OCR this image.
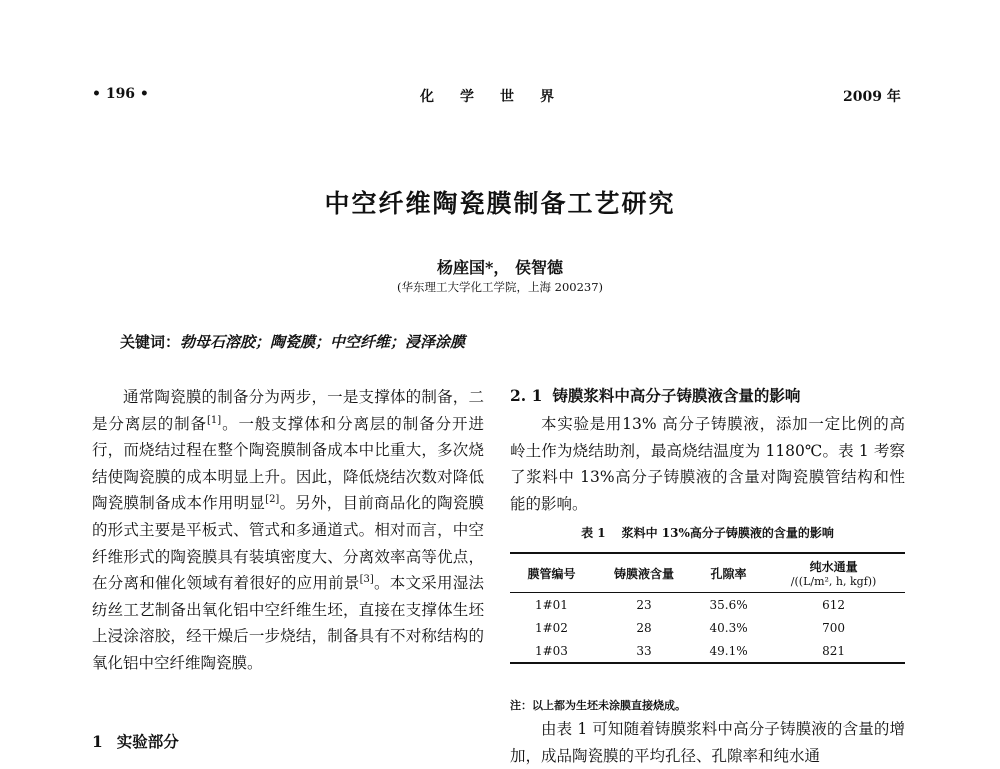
• 196 •	化学世界	2009 年
中空纤维陶瓷膜制备工艺研究
杨座国*， 侯智德
(华东理工大学化工学院，上海 200237)
关键词：勃母石溶胶；陶瓷膜；中空纤维；浸泽涂膜

通常陶瓷膜的制备分为两步，一是支撑体的制备，二是分离层的制备[1]。一般支撑体和分离层的制备分开进行，而烧结过程在整个陶瓷膜制备成本中比重大，多次烧结使陶瓷膜的成本明显上升。因此，降低烧结次数对降低陶瓷膜制备成本作用明显[2]。另外，目前商品化的陶瓷膜的形式主要是平板式、管式和多通道式。相对而言，中空纤维形式的陶瓷膜具有装填密度大、分离效率高等优点，在分离和催化领域有着很好的应用前景[3]。本文采用湿法纺丝工艺制备出氧化铝中空纤维生坯，直接在支撑体生坯上浸涂溶胶，经干燥后一步烧结，制备具有不对称结构的氧化铝中空纤维陶瓷膜。

1 实验部分
2. 1 铸膜浆料中高分子铸膜液含量的影响

本实验是用13% 高分子铸膜液，添加一定比例的高岭土作为烧结助剂，最高烧结温度为 1180℃。表 1 考察了浆料中 13%高分子铸膜液的含量对陶瓷膜管结构和性能的影响。

表 1 浆料中 13%高分子铸膜液的含量的影响
膜管编号	铸膜液含量	孔隙率	纯水通量
/((L/m², h, kgf))

1#01	23	35.6%	612
1#02	28	40.3%	700
1#03	33	49.1%	821
注：以上都为生坯未涂膜直接烧成。

由表 1 可知随着铸膜浆料中高分子铸膜液的含量的增加，成品陶瓷膜的平均孔径、孔隙率和纯水通
